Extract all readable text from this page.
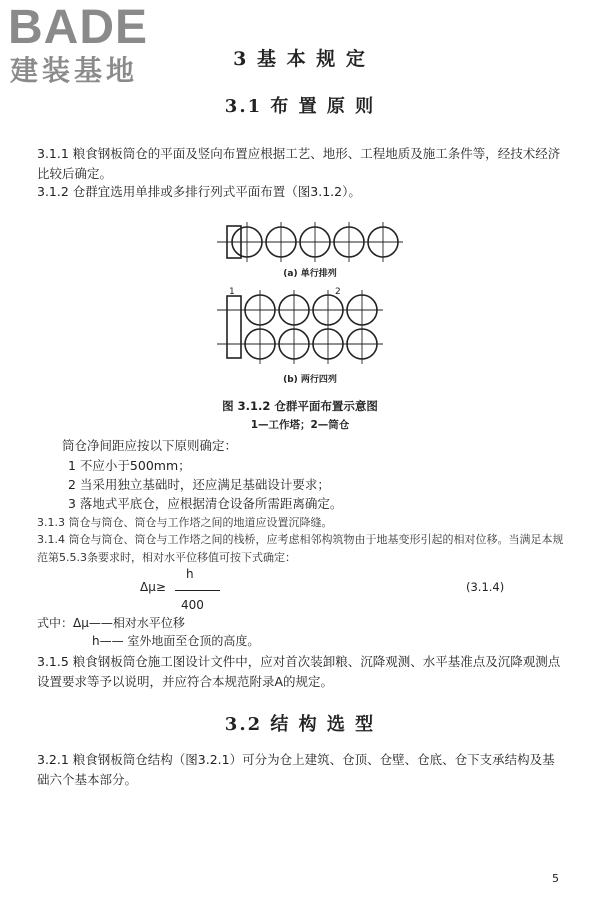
BADE
建装基地	3 基 本 规 定
3.1 布 置 原 则
3.1.1 粮食钢板筒仓的平面及竖向布置应根据工艺、地形、工程地质及施工条件等，经技术经济比较后确定。
3.1.2 仓群宜选用单排或多排行列式平面布置（图3.1.2）。
1	2
(a) 单行排列
(b) 两行四列
图 3.1.2 仓群平面布置示意图
1—工作塔；2—筒仓
筒仓净间距应按以下原则确定：
1 不应小于500mm；
2 当采用独立基础时，还应满足基础设计要求；
3 落地式平底仓，应根据清仓设备所需距离确定。
3.1.3 筒仓与筒仓、筒仓与工作塔之间的地道应设置沉降缝。
3.1.4 筒仓与筒仓、筒仓与工作塔之间的栈桥，应考虑相邻构筑物由于地基变形引起的相对位移。当满足本规范第5.5.3条要求时，相对水平位移值可按下式确定：
h
Δμ≥
400
(3.1.4)
式中：Δμ——相对水平位移
h—— 室外地面至仓顶的高度。
3.1.5 粮食钢板筒仓施工图设计文件中，应对首次装卸粮、沉降观测、水平基准点及沉降观测点设置要求等予以说明，并应符合本规范附录A的规定。
3.2 结 构 选 型
3.2.1 粮食钢板筒仓结构（图3.2.1）可分为仓上建筑、仓顶、仓壁、仓底、仓下支承结构及基础六个基本部分。
5
